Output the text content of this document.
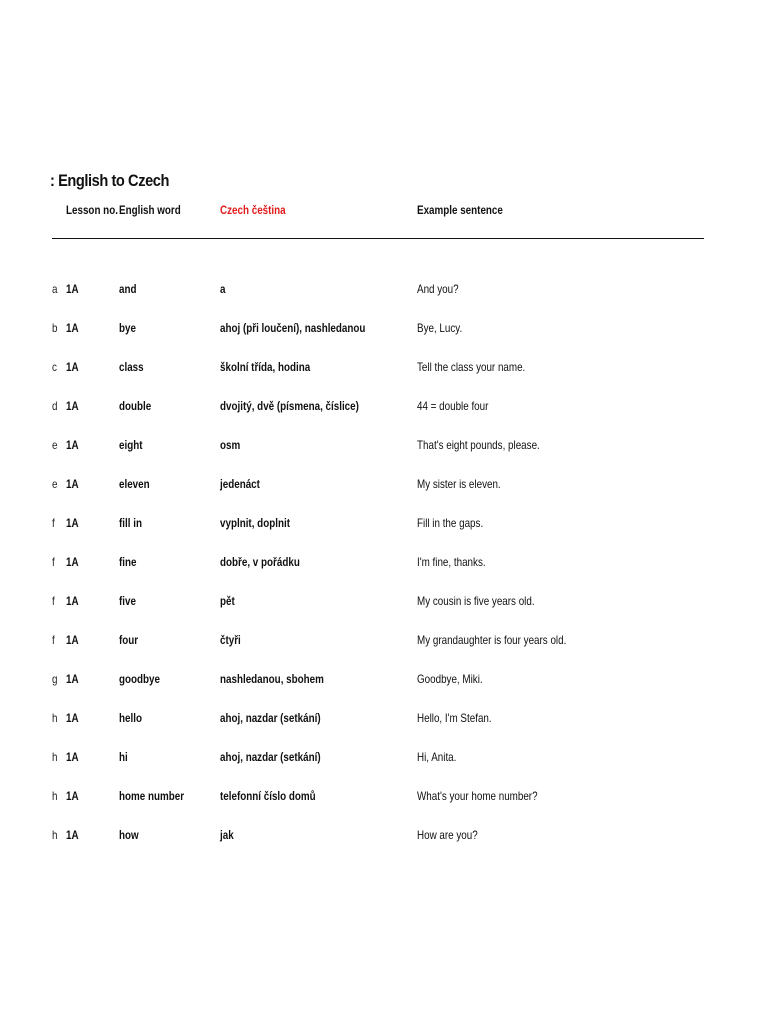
: English to Czech
Lesson no. English word	Czech čeština	Example sentence
a 1A	and	a	And you?
b 1A	bye	ahoj (při loučení), nashledanou	Bye, Lucy.
c 1A	class	školní třída, hodina	Tell the class your name.
d 1A	double	dvojitý, dvě (písmena, číslice)	44 = double four
e 1A	eight	osm	That's eight pounds, please.
e 1A	eleven	jedenáct	My sister is eleven.
f 1A	fill in	vyplnit, doplnit	Fill in the gaps.
f 1A	fine	dobře, v pořádku	I'm fine, thanks.
f 1A	five	pět	My cousin is five years old.
f 1A	four	čtyři	My grandaughter is four years old.
g 1A	goodbye	nashledanou, sbohem	Goodbye, Miki.
h 1A	hello	ahoj, nazdar (setkání)	Hello, I'm Stefan.
h 1A	hi	ahoj, nazdar (setkání)	Hi, Anita.
h 1A	home number	telefonní číslo domů	What's your home number?
h 1A	how	jak	How are you?
